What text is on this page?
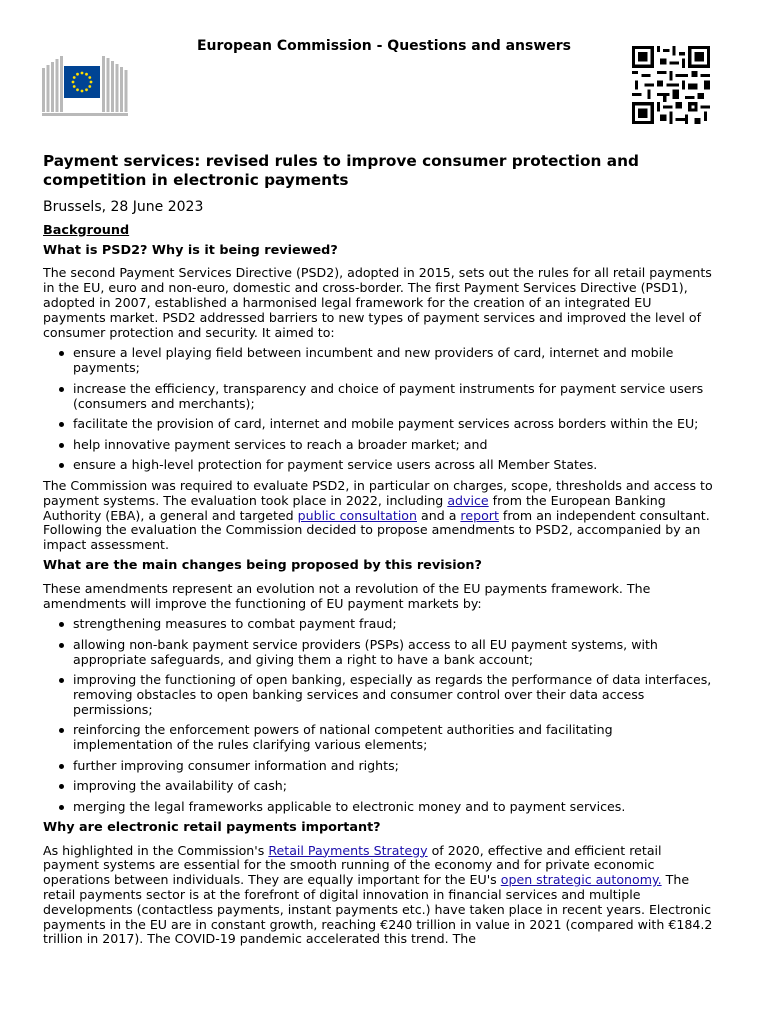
European Commission - Questions and answers
Payment services: revised rules to improve consumer protection and competition in electronic payments
Brussels, 28 June 2023
Background
What is PSD2? Why is it being reviewed?

The second Payment Services Directive (PSD2), adopted in 2015, sets out the rules for all retail payments in the EU, euro and non-euro, domestic and cross-border. The first Payment Services Directive (PSD1), adopted in 2007, established a harmonised legal framework for the creation of an integrated EU payments market. PSD2 addressed barriers to new types of payment services and improved the level of consumer protection and security. It aimed to:

ensure a level playing field between incumbent and new providers of card, internet and mobile payments;
increase the efficiency, transparency and choice of payment instruments for payment service users (consumers and merchants);
facilitate the provision of card, internet and mobile payment services across borders within the EU;
help innovative payment services to reach a broader market; and
ensure a high-level protection for payment service users across all Member States.

The Commission was required to evaluate PSD2, in particular on charges, scope, thresholds and access to payment systems. The evaluation took place in 2022, including advice from the European Banking Authority (EBA), a general and targeted public consultation and a report from an independent consultant. Following the evaluation the Commission decided to propose amendments to PSD2, accompanied by an impact assessment.

What are the main changes being proposed by this revision?

These amendments represent an evolution not a revolution of the EU payments framework. The amendments will improve the functioning of EU payment markets by:

strengthening measures to combat payment fraud;
allowing non-bank payment service providers (PSPs) access to all EU payment systems, with appropriate safeguards, and giving them a right to have a bank account;
improving the functioning of open banking, especially as regards the performance of data interfaces, removing obstacles to open banking services and consumer control over their data access permissions;
reinforcing the enforcement powers of national competent authorities and facilitating implementation of the rules clarifying various elements;
further improving consumer information and rights;
improving the availability of cash;
merging the legal frameworks applicable to electronic money and to payment services.
Why are electronic retail payments important?

As highlighted in the Commission's Retail Payments Strategy of 2020, effective and efficient retail payment systems are essential for the smooth running of the economy and for private economic operations between individuals. They are equally important for the EU's open strategic autonomy. The retail payments sector is at the forefront of digital innovation in financial services and multiple developments (contactless payments, instant payments etc.) have taken place in recent years. Electronic payments in the EU are in constant growth, reaching €240 trillion in value in 2021 (compared with €184.2 trillion in 2017). The COVID-19 pandemic accelerated this trend. The
